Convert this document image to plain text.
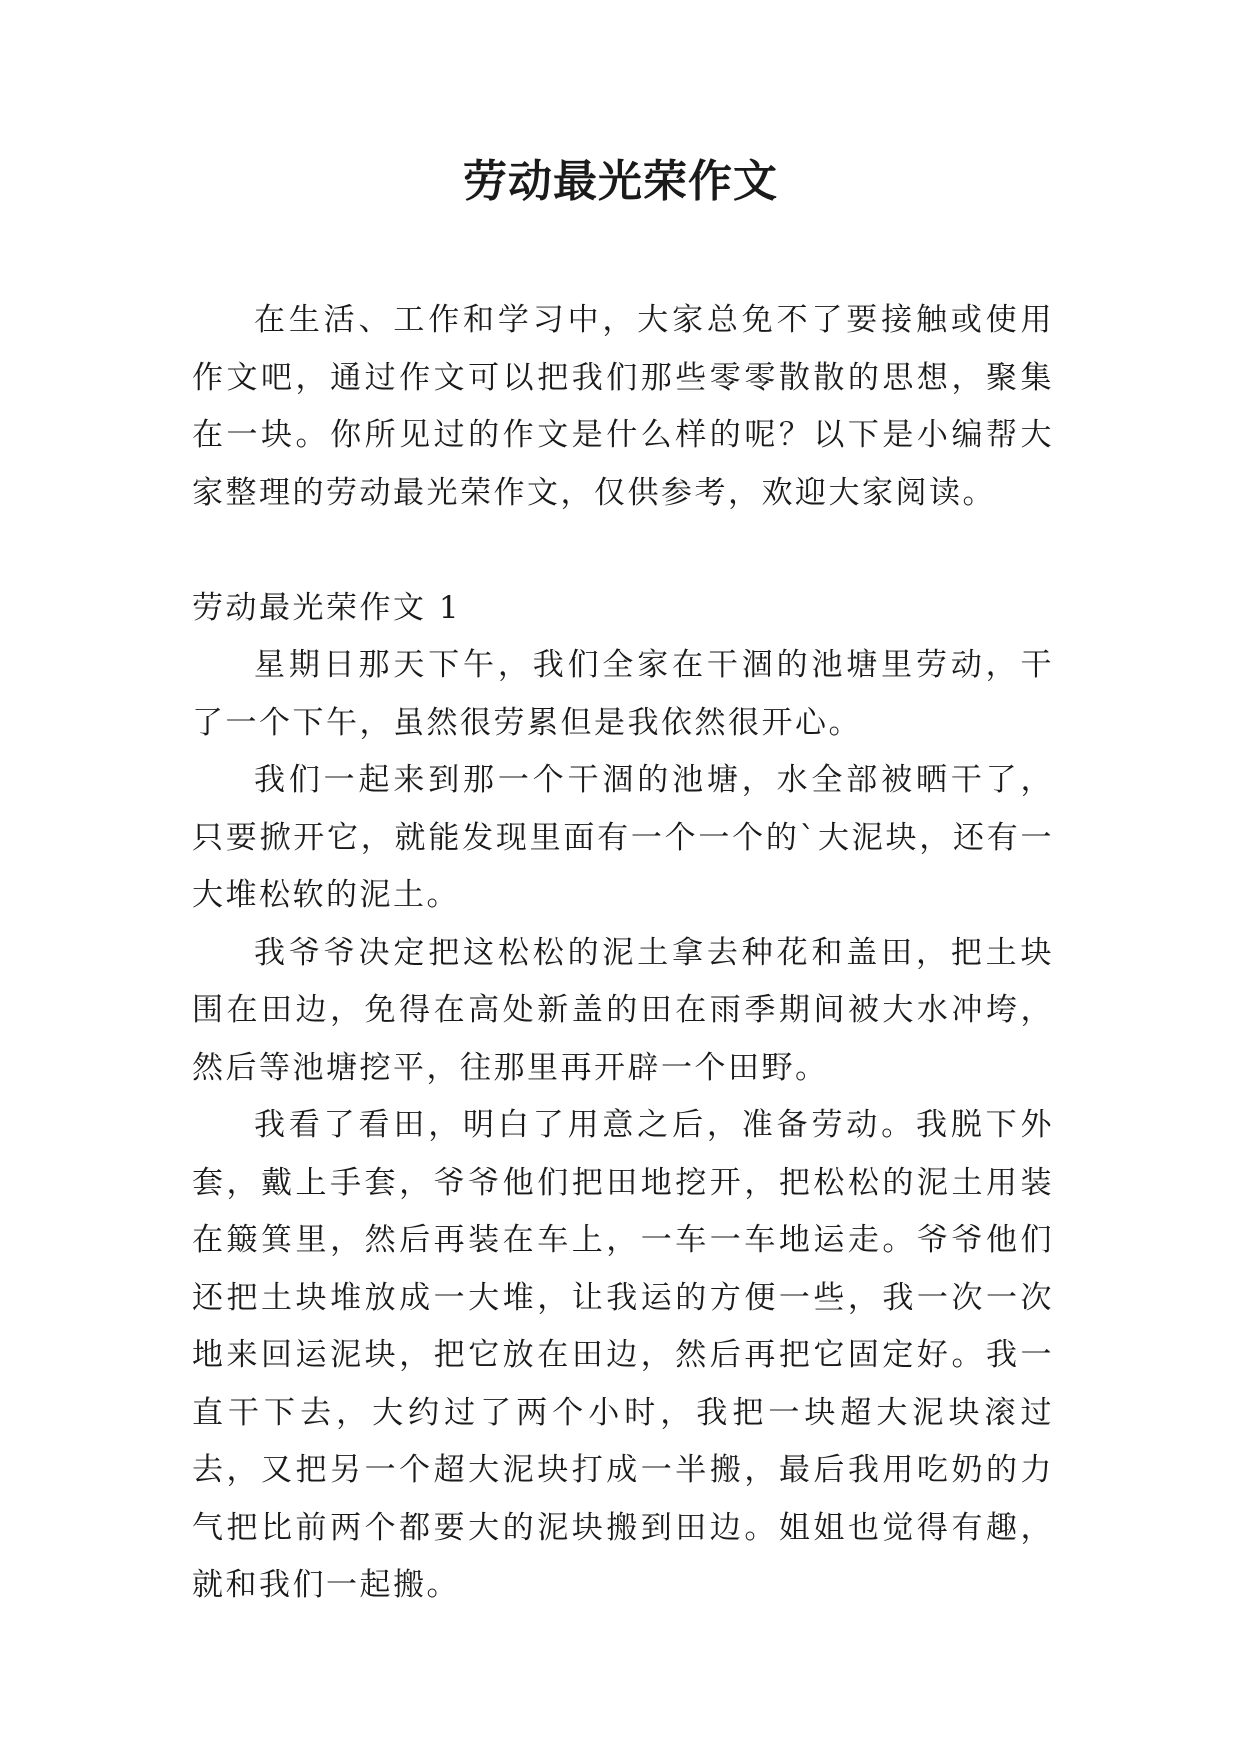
劳动最光荣作文

在生活、工作和学习中，大家总免不了要接触或使用作文吧，通过作文可以把我们那些零零散散的思想，聚集在一块。你所见过的作文是什么样的呢？以下是小编帮大家整理的劳动最光荣作文，仅供参考，欢迎大家阅读。

劳动最光荣作文 1

星期日那天下午，我们全家在干涸的池塘里劳动，干了一个下午，虽然很劳累但是我依然很开心。

我们一起来到那一个干涸的池塘，水全部被晒干了，只要掀开它，就能发现里面有一个一个的`大泥块，还有一大堆松软的泥土。

我爷爷决定把这松松的泥土拿去种花和盖田，把土块围在田边，免得在高处新盖的田在雨季期间被大水冲垮，然后等池塘挖平，往那里再开辟一个田野。

我看了看田，明白了用意之后，准备劳动。我脱下外套，戴上手套，爷爷他们把田地挖开，把松松的泥土用装在簸箕里，然后再装在车上，一车一车地运走。爷爷他们还把土块堆放成一大堆，让我运的方便一些，我一次一次地来回运泥块，把它放在田边，然后再把它固定好。我一直干下去，大约过了两个小时，我把一块超大泥块滚过去，又把另一个超大泥块打成一半搬，最后我用吃奶的力气把比前两个都要大的泥块搬到田边。姐姐也觉得有趣，就和我们一起搬。
